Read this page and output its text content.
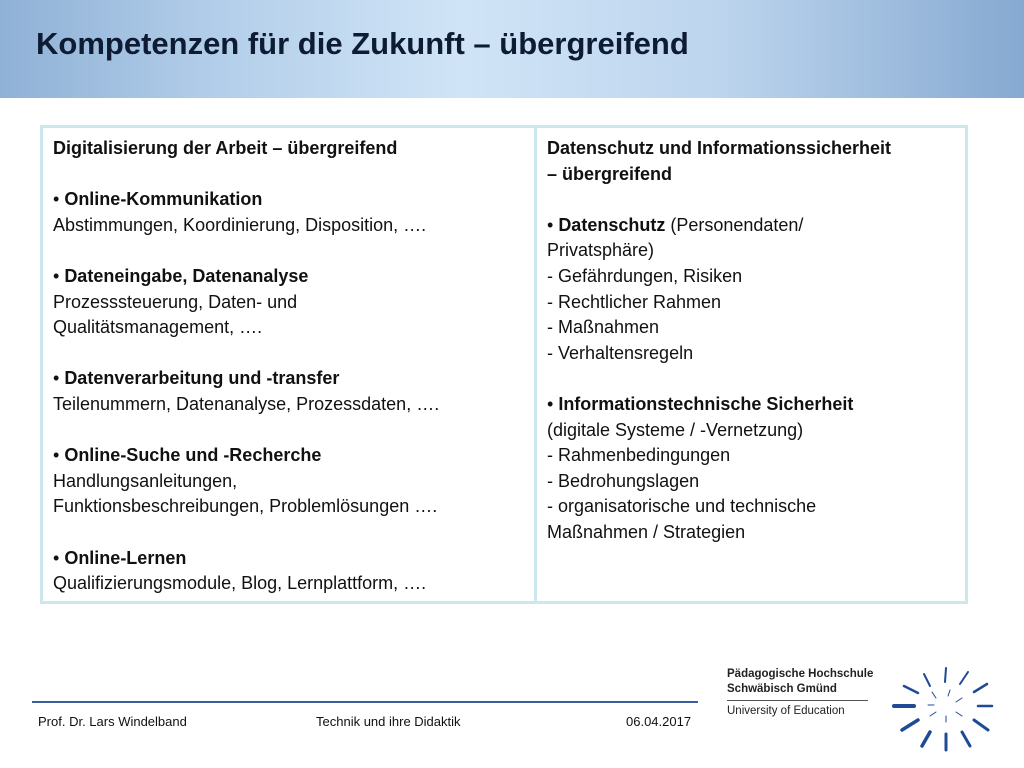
Kompetenzen für die Zukunft – übergreifend
Digitalisierung der Arbeit – übergreifend
• Online-Kommunikation
Abstimmungen, Koordinierung, Disposition, ….
• Dateneingabe, Datenanalyse
Prozesssteuerung, Daten- und
Qualitätsmanagement, ….
• Datenverarbeitung und -transfer
Teilenummern, Datenanalyse, Prozessdaten, ….
• Online-Suche und -Recherche
Handlungsanleitungen,
Funktionsbeschreibungen, Problemlösungen ….
• Online-Lernen
Qualifizierungsmodule, Blog, Lernplattform, ….
Datenschutz und Informationssicherheit
– übergreifend
• Datenschutz (Personendaten/
Privatsphäre)
- Gefährdungen, Risiken
- Rechtlicher Rahmen
- Maßnahmen
- Verhaltensregeln
• Informationstechnische Sicherheit
(digitale Systeme / -Vernetzung)
- Rahmenbedingungen
- Bedrohungslagen
- organisatorische und technische
Maßnahmen / Strategien
Prof. Dr. Lars Windelband	Technik und ihre Didaktik	06.04.2017
Pädagogische Hochschule
Schwäbisch Gmünd
University of Education
